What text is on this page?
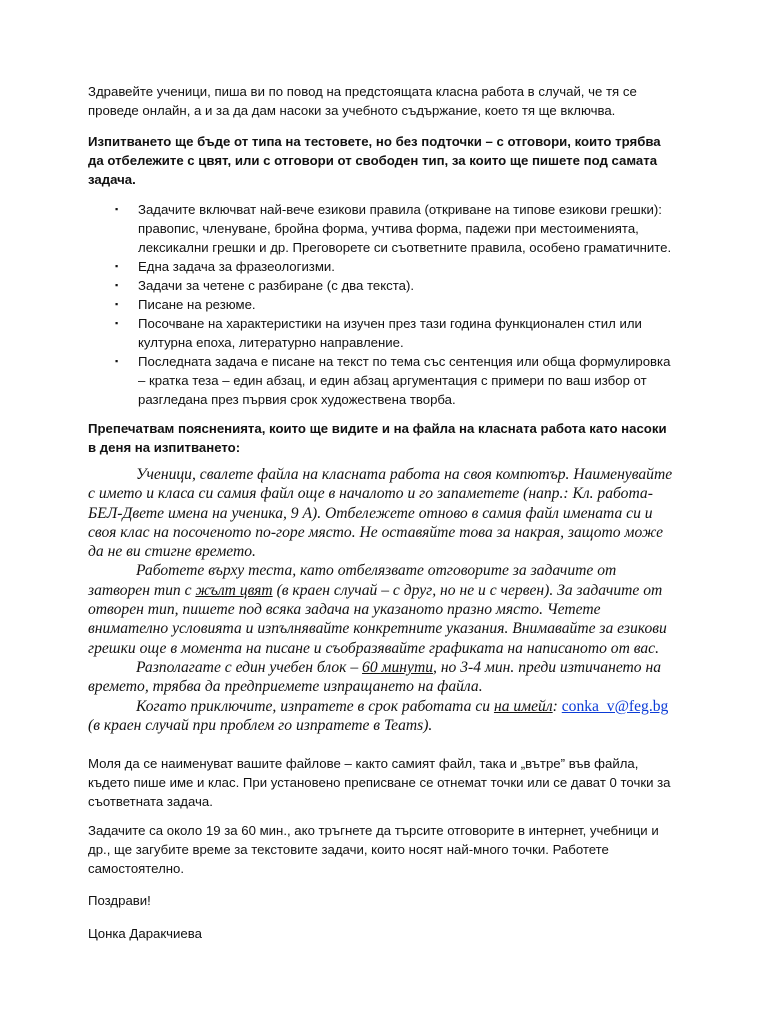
Здравейте ученици, пиша ви по повод на предстоящата класна работа в случай, че тя се проведе онлайн, а и за да дам насоки за учебното съдържание, което тя ще включва.

Изпитването ще бъде от типа на тестовете, но без подточки – с отговори, които трябва да отбележите с цвят, или с отговори от свободен тип, за които ще пишете под самата задача.

▪ Задачите включват най-вече езикови правила (откриване на типове езикови грешки): правопис, членуване, бройна форма, учтива форма, падежи при местоименията, лексикални грешки и др. Преговорете си съответните правила, особено граматичните.
▪ Една задача за фразеологизми.
▪ Задачи за четене с разбиране (с два текста).
▪ Писане на резюме.
▪ Посочване на характеристики на изучен през тази година функционален стил или културна епоха, литературно направление.
▪ Последната задача е писане на текст по тема със сентенция или обща формулировка – кратка теза – един абзац, и един абзац аргументация с примери по ваш избор от разгледана през първия срок художествена творба.

Препечатвам поясненията, които ще видите и на файла на класната работа като насоки в деня на изпитването:

Ученици, свалете файла на класната работа на своя компютър. Наименувайте с името и класа си самия файл още в началото и го запаметете (напр.: Кл. работа-БЕЛ-Двете имена на ученика, 9 А). Отбележете отново в самия файл имената си и своя клас на посоченото по-горе място. Не оставяйте това за накрая, защото може да не ви стигне времето.

Работете върху теста, като отбелязвате отговорите за задачите от затворен тип с жълт цвят (в краен случай – с друг, но не и с червен). За задачите от отворен тип, пишете под всяка задача на указаното празно място. Четете внимателно условията и изпълнявайте конкретните указания. Внимавайте за езикови грешки още в момента на писане и съобразявайте графиката на написаното от вас.

Разполагате с един учебен блок – 60 минути, но 3-4 мин. преди изтичането на времето, трябва да предприемете изпращането на файла.

Когато приключите, изпратете в срок работата си на имейл: conka_v@feg.bg (в краен случай при проблем го изпратете в Teams).

Моля да се наименуват вашите файлове – както самият файл, така и „вътре” във файла, където пише име и клас. При установено преписване се отнемат точки или се дават 0 точки за съответната задача.

Задачите са около 19 за 60 мин., ако тръгнете да търсите отговорите в интернет, учебници и др., ще загубите време за текстовите задачи, които носят най-много точки. Работете самостоятелно.

Поздрави!

Цонка Даракчиева
